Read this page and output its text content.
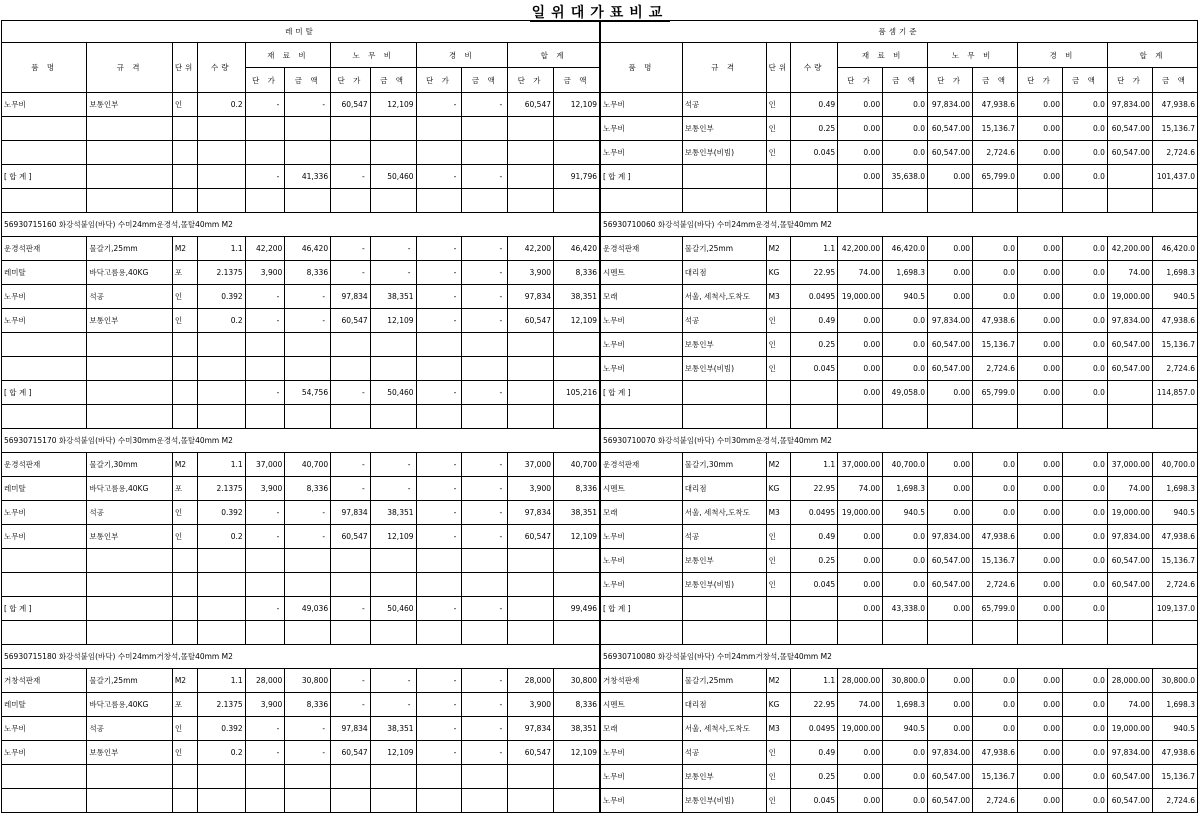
일위대가표비교
레미탈											
품 명	규 격	단위	수량	재 료 비		노 무 비		경 비		합 계	
				단 가	금 액	단 가	금 액	단 가	금 액	단 가	금 액
노무비	보통인부	인	0.2	-	-	60,547	12,109	-	-	60,547	12,109

[ 합 계 ]				-	41,336	-	50,460	-	-		91,796

56930715160 화강석붙임(바닥) 수미24mm운경석,몰탈40mm M2											
운경석판재	물갈기,25mm	M2	1.1	42,200	46,420	-	-	-	-	42,200	46,420
레미탈	바닥고름용,40KG	포	2.1375	3,900	8,336	-	-	-	-	3,900	8,336
노무비	석공	인	0.392	-	-	97,834	38,351	-	-	97,834	38,351
노무비	보통인부	인	0.2	-	-	60,547	12,109	-	-	60,547	12,109

[ 합 계 ]				-	54,756	-	50,460	-	-		105,216

56930715170 화강석붙임(바닥) 수미30mm운경석,몰탈40mm M2											
운경석판재	물갈기,30mm	M2	1.1	37,000	40,700	-	-	-	-	37,000	40,700
레미탈	바닥고름용,40KG	포	2.1375	3,900	8,336	-	-	-	-	3,900	8,336
노무비	석공	인	0.392	-	-	97,834	38,351	-	-	97,834	38,351
노무비	보통인부	인	0.2	-	-	60,547	12,109	-	-	60,547	12,109

[ 합 계 ]				-	49,036	-	50,460	-	-		99,496

56930715180 화강석붙임(바닥) 수미24mm거창석,몰탈40mm M2											
거창석판재	물갈기,25mm	M2	1.1	28,000	30,800	-	-	-	-	28,000	30,800
레미탈	바닥고름용,40KG	포	2.1375	3,900	8,336	-	-	-	-	3,900	8,336
노무비	석공	인	0.392	-	-	97,834	38,351	-	-	97,834	38,351
노무비	보통인부	인	0.2	-	-	60,547	12,109	-	-	60,547	12,109

품셈기준											
품 명	규 격	단위	수량	재 료 비		노 무 비		경 비		합 계	
				단 가	금 액	단 가	금 액	단 가	금 액	단 가	금 액
노무비	석공	인	0.49	0.00	0.0	97,834.00	47,938.6	0.00	0.0	97,834.00	47,938.6
노무비	보통인부	인	0.25	0.00	0.0	60,547.00	15,136.7	0.00	0.0	60,547.00	15,136.7
노무비	보통인부(비빔)	인	0.045	0.00	0.0	60,547.00	2,724.6	0.00	0.0	60,547.00	2,724.6
[ 합 계 ]				0.00	35,638.0	0.00	65,799.0	0.00	0.0		101,437.0

56930710060 화강석붙임(바닥) 수미24mm운경석,몰탈40mm M2											
운경석판재	물갈기,25mm	M2	1.1	42,200.00	46,420.0	0.00	0.0	0.00	0.0	42,200.00	46,420.0
시멘트	대리점	KG	22.95	74.00	1,698.3	0.00	0.0	0.00	0.0	74.00	1,698.3
모래	서울, 세척사,도착도	M3	0.0495	19,000.00	940.5	0.00	0.0	0.00	0.0	19,000.00	940.5
노무비	석공	인	0.49	0.00	0.0	97,834.00	47,938.6	0.00	0.0	97,834.00	47,938.6
노무비	보통인부	인	0.25	0.00	0.0	60,547.00	15,136.7	0.00	0.0	60,547.00	15,136.7
노무비	보통인부(비빔)	인	0.045	0.00	0.0	60,547.00	2,724.6	0.00	0.0	60,547.00	2,724.6
[ 합 계 ]				0.00	49,058.0	0.00	65,799.0	0.00	0.0		114,857.0

56930710070 화강석붙임(바닥) 수미30mm운경석,몰탈40mm M2											
운경석판재	물갈기,30mm	M2	1.1	37,000.00	40,700.0	0.00	0.0	0.00	0.0	37,000.00	40,700.0
시멘트	대리점	KG	22.95	74.00	1,698.3	0.00	0.0	0.00	0.0	74.00	1,698.3
모래	서울, 세척사,도착도	M3	0.0495	19,000.00	940.5	0.00	0.0	0.00	0.0	19,000.00	940.5
노무비	석공	인	0.49	0.00	0.0	97,834.00	47,938.6	0.00	0.0	97,834.00	47,938.6
노무비	보통인부	인	0.25	0.00	0.0	60,547.00	15,136.7	0.00	0.0	60,547.00	15,136.7
노무비	보통인부(비빔)	인	0.045	0.00	0.0	60,547.00	2,724.6	0.00	0.0	60,547.00	2,724.6
[ 합 계 ]				0.00	43,338.0	0.00	65,799.0	0.00	0.0		109,137.0

56930710080 화강석붙임(바닥) 수미24mm거창석,몰탈40mm M2											
거창석판재	물갈기,25mm	M2	1.1	28,000.00	30,800.0	0.00	0.0	0.00	0.0	28,000.00	30,800.0
시멘트	대리점	KG	22.95	74.00	1,698.3	0.00	0.0	0.00	0.0	74.00	1,698.3
모래	서울, 세척사,도착도	M3	0.0495	19,000.00	940.5	0.00	0.0	0.00	0.0	19,000.00	940.5
노무비	석공	인	0.49	0.00	0.0	97,834.00	47,938.6	0.00	0.0	97,834.00	47,938.6
노무비	보통인부	인	0.25	0.00	0.0	60,547.00	15,136.7	0.00	0.0	60,547.00	15,136.7
노무비	보통인부(비빔)	인	0.045	0.00	0.0	60,547.00	2,724.6	0.00	0.0	60,547.00	2,724.6
